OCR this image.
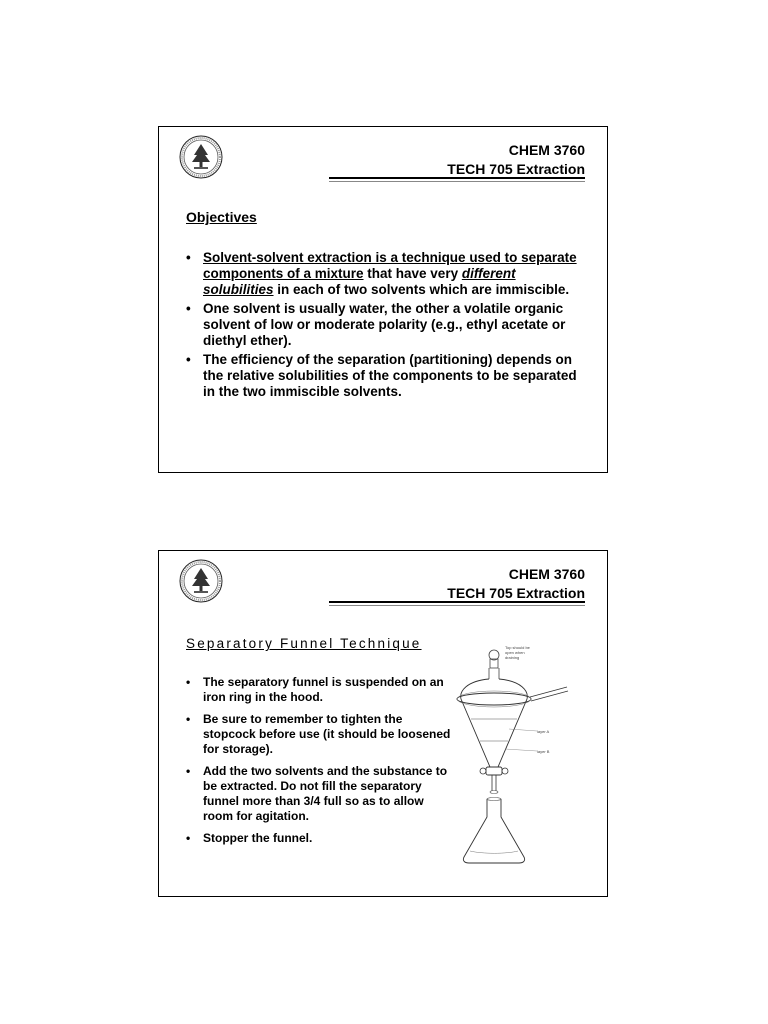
CHEM 3760
TECH 705 Extraction
Objectives
• Solvent-solvent extraction is a technique used to separate components of a mixture that have very different solubilities in each of two solvents which are immiscible.
• One solvent is usually water, the other a volatile organic solvent of low or moderate polarity (e.g., ethyl acetate or diethyl ether).
• The efficiency of the separation (partitioning) depends on the relative solubilities of the components to be separated in the two immiscible solvents.
CHEM 3760
TECH 705 Extraction
Separatory Funnel Technique
• The separatory funnel is suspended on an iron ring in the hood.
• Be sure to remember to tighten the stopcock before use (it should be loosened for storage).
• Add the two solvents and the substance to be extracted. Do not fill the separatory funnel more than 3/4 full so as to allow room for agitation.
• Stopper the funnel.
Top should be
open when
draining
layer A
layer B
